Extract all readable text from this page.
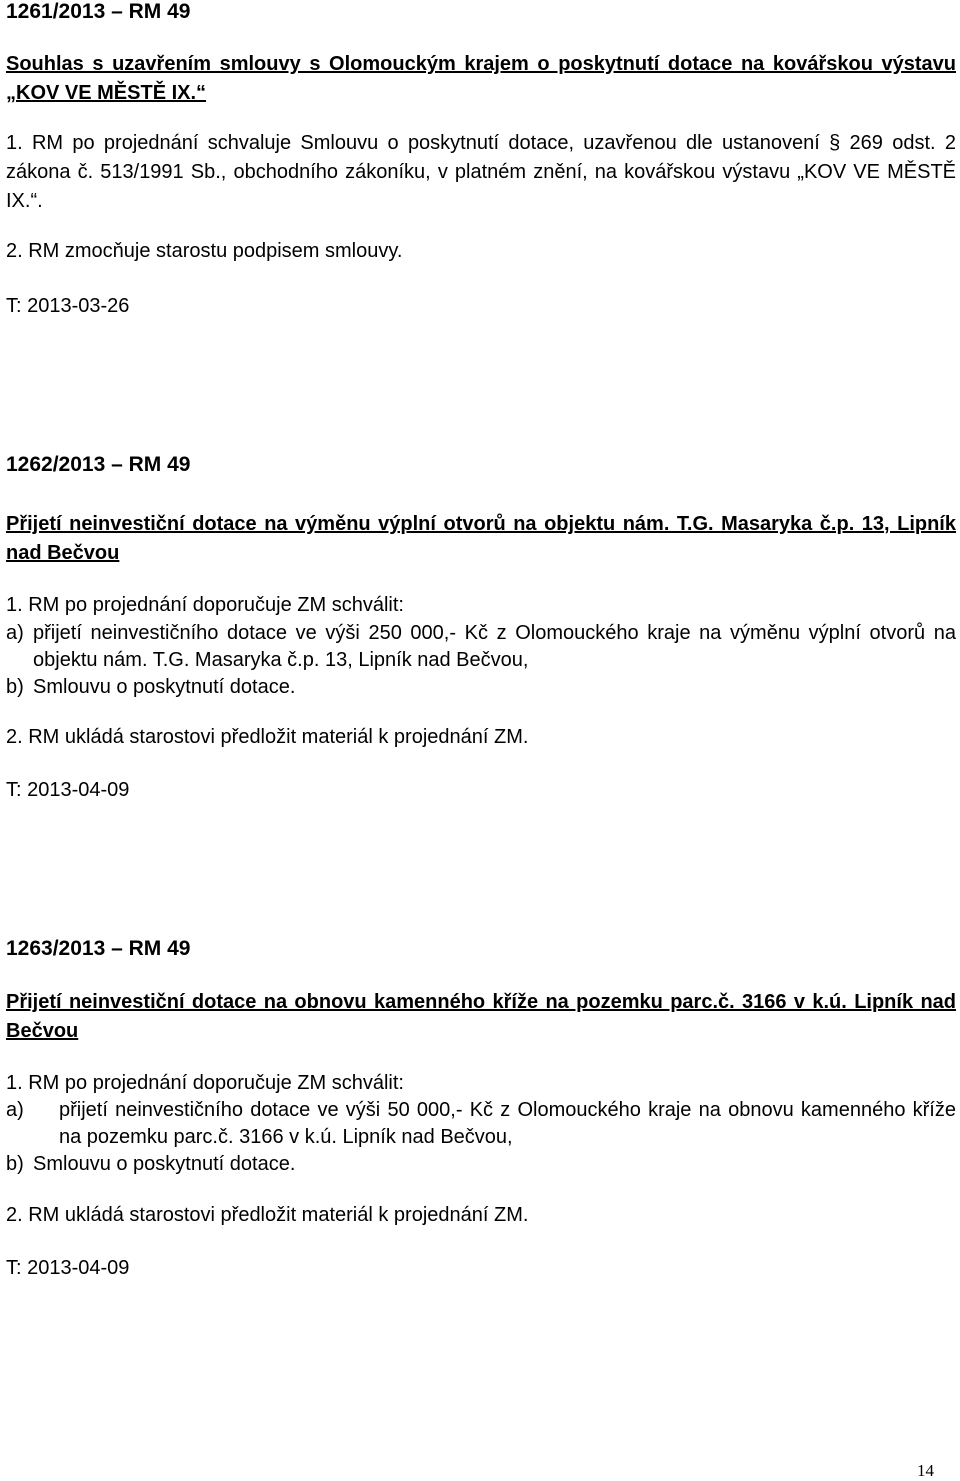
1261/2013 – RM 49
Souhlas s uzavřením smlouvy s Olomouckým krajem o poskytnutí dotace na kovářskou výstavu „KOV VE MĚSTĚ IX.“
1. RM po projednání schvaluje Smlouvu o poskytnutí dotace, uzavřenou dle ustanovení § 269 odst. 2 zákona č. 513/1991 Sb., obchodního zákoníku, v platném znění, na kovářskou výstavu „KOV VE MĚSTĚ IX.“.
2. RM zmocňuje starostu podpisem smlouvy.
T: 2013-03-26
1262/2013 – RM 49
Přijetí neinvestiční dotace na výměnu výplní otvorů na objektu nám. T.G. Masaryka č.p. 13, Lipník nad Bečvou
1. RM po projednání doporučuje ZM schválit:
a) přijetí neinvestičního dotace ve výši 250 000,- Kč z Olomouckého kraje na výměnu výplní otvorů na objektu nám. T.G. Masaryka č.p. 13, Lipník nad Bečvou,
b) Smlouvu o poskytnutí dotace.
2. RM ukládá starostovi předložit materiál k projednání ZM.
T: 2013-04-09
1263/2013 – RM 49
Přijetí neinvestiční dotace na obnovu kamenného kříže na pozemku parc.č. 3166 v k.ú. Lipník nad Bečvou
1. RM po projednání doporučuje ZM schválit:
a)	přijetí neinvestičního dotace ve výši 50 000,- Kč z Olomouckého kraje na obnovu kamenného kříže na pozemku parc.č. 3166 v k.ú. Lipník nad Bečvou,
b) Smlouvu o poskytnutí dotace.
2. RM ukládá starostovi předložit materiál k projednání ZM.
T: 2013-04-09
14
